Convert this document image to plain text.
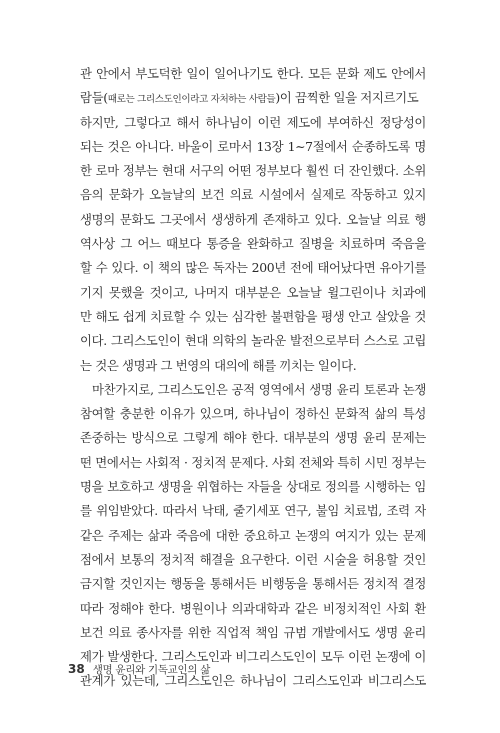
관 안에서 부도덕한 일이 일어나기도 한다. 모든 문화 제도 안에서
람들(때로는 그리스도인이라고 자처하는 사람들)이 끔찍한 일을 저지르기도
하지만, 그렇다고 해서 하나님이 이런 제도에 부여하신 정당성이
되는 것은 아니다. 바울이 로마서 13장 1∼7절에서 순종하도록 명
한 로마 정부는 현대 서구의 어떤 정부보다 훨씬 더 잔인했다. 소위
음의 문화가 오늘날의 보건 의료 시설에서 실제로 작동하고 있지
생명의 문화도 그곳에서 생생하게 존재하고 있다. 오늘날 의료 행
역사상 그 어느 때보다 통증을 완화하고 질병을 치료하며 죽음을
할 수 있다. 이 책의 많은 독자는 200년 전에 태어났다면 유아기를
기지 못했을 것이고, 나머지 대부분은 오늘날 윌그린이나 치과에
만 해도 쉽게 치료할 수 있는 심각한 불편함을 평생 안고 살았을 것
이다. 그리스도인이 현대 의학의 놀라운 발전으로부터 스스로 고립
는 것은 생명과 그 번영의 대의에 해를 끼치는 일이다.
마찬가지로, 그리스도인은 공적 영역에서 생명 윤리 토론과 논쟁
참여할 충분한 이유가 있으며, 하나님이 정하신 문화적 삶의 특성
존중하는 방식으로 그렇게 해야 한다. 대부분의 생명 윤리 문제는
떤 면에서는 사회적 · 정치적 문제다. 사회 전체와 특히 시민 정부는
명을 보호하고 생명을 위협하는 자들을 상대로 정의를 시행하는 임
를 위임받았다. 따라서 낙태, 줄기세포 연구, 불임 치료법, 조력 자
같은 주제는 삶과 죽음에 대한 중요하고 논쟁의 여지가 있는 문제
점에서 보통의 정치적 해결을 요구한다. 이런 시술을 허용할 것인
금지할 것인지는 행동을 통해서든 비행동을 통해서든 정치적 결정
따라 정해야 한다. 병원이나 의과대학과 같은 비정치적인 사회 환
보건 의료 종사자를 위한 직업적 책임 규범 개발에서도 생명 윤리
제가 발생한다. 그리스도인과 비그리스도인이 모두 이런 논쟁에 이
관계가 있는데, 그리스도인은 하나님이 그리스도인과 비그리스도
38 생명 윤리와 기독교인의 삶
